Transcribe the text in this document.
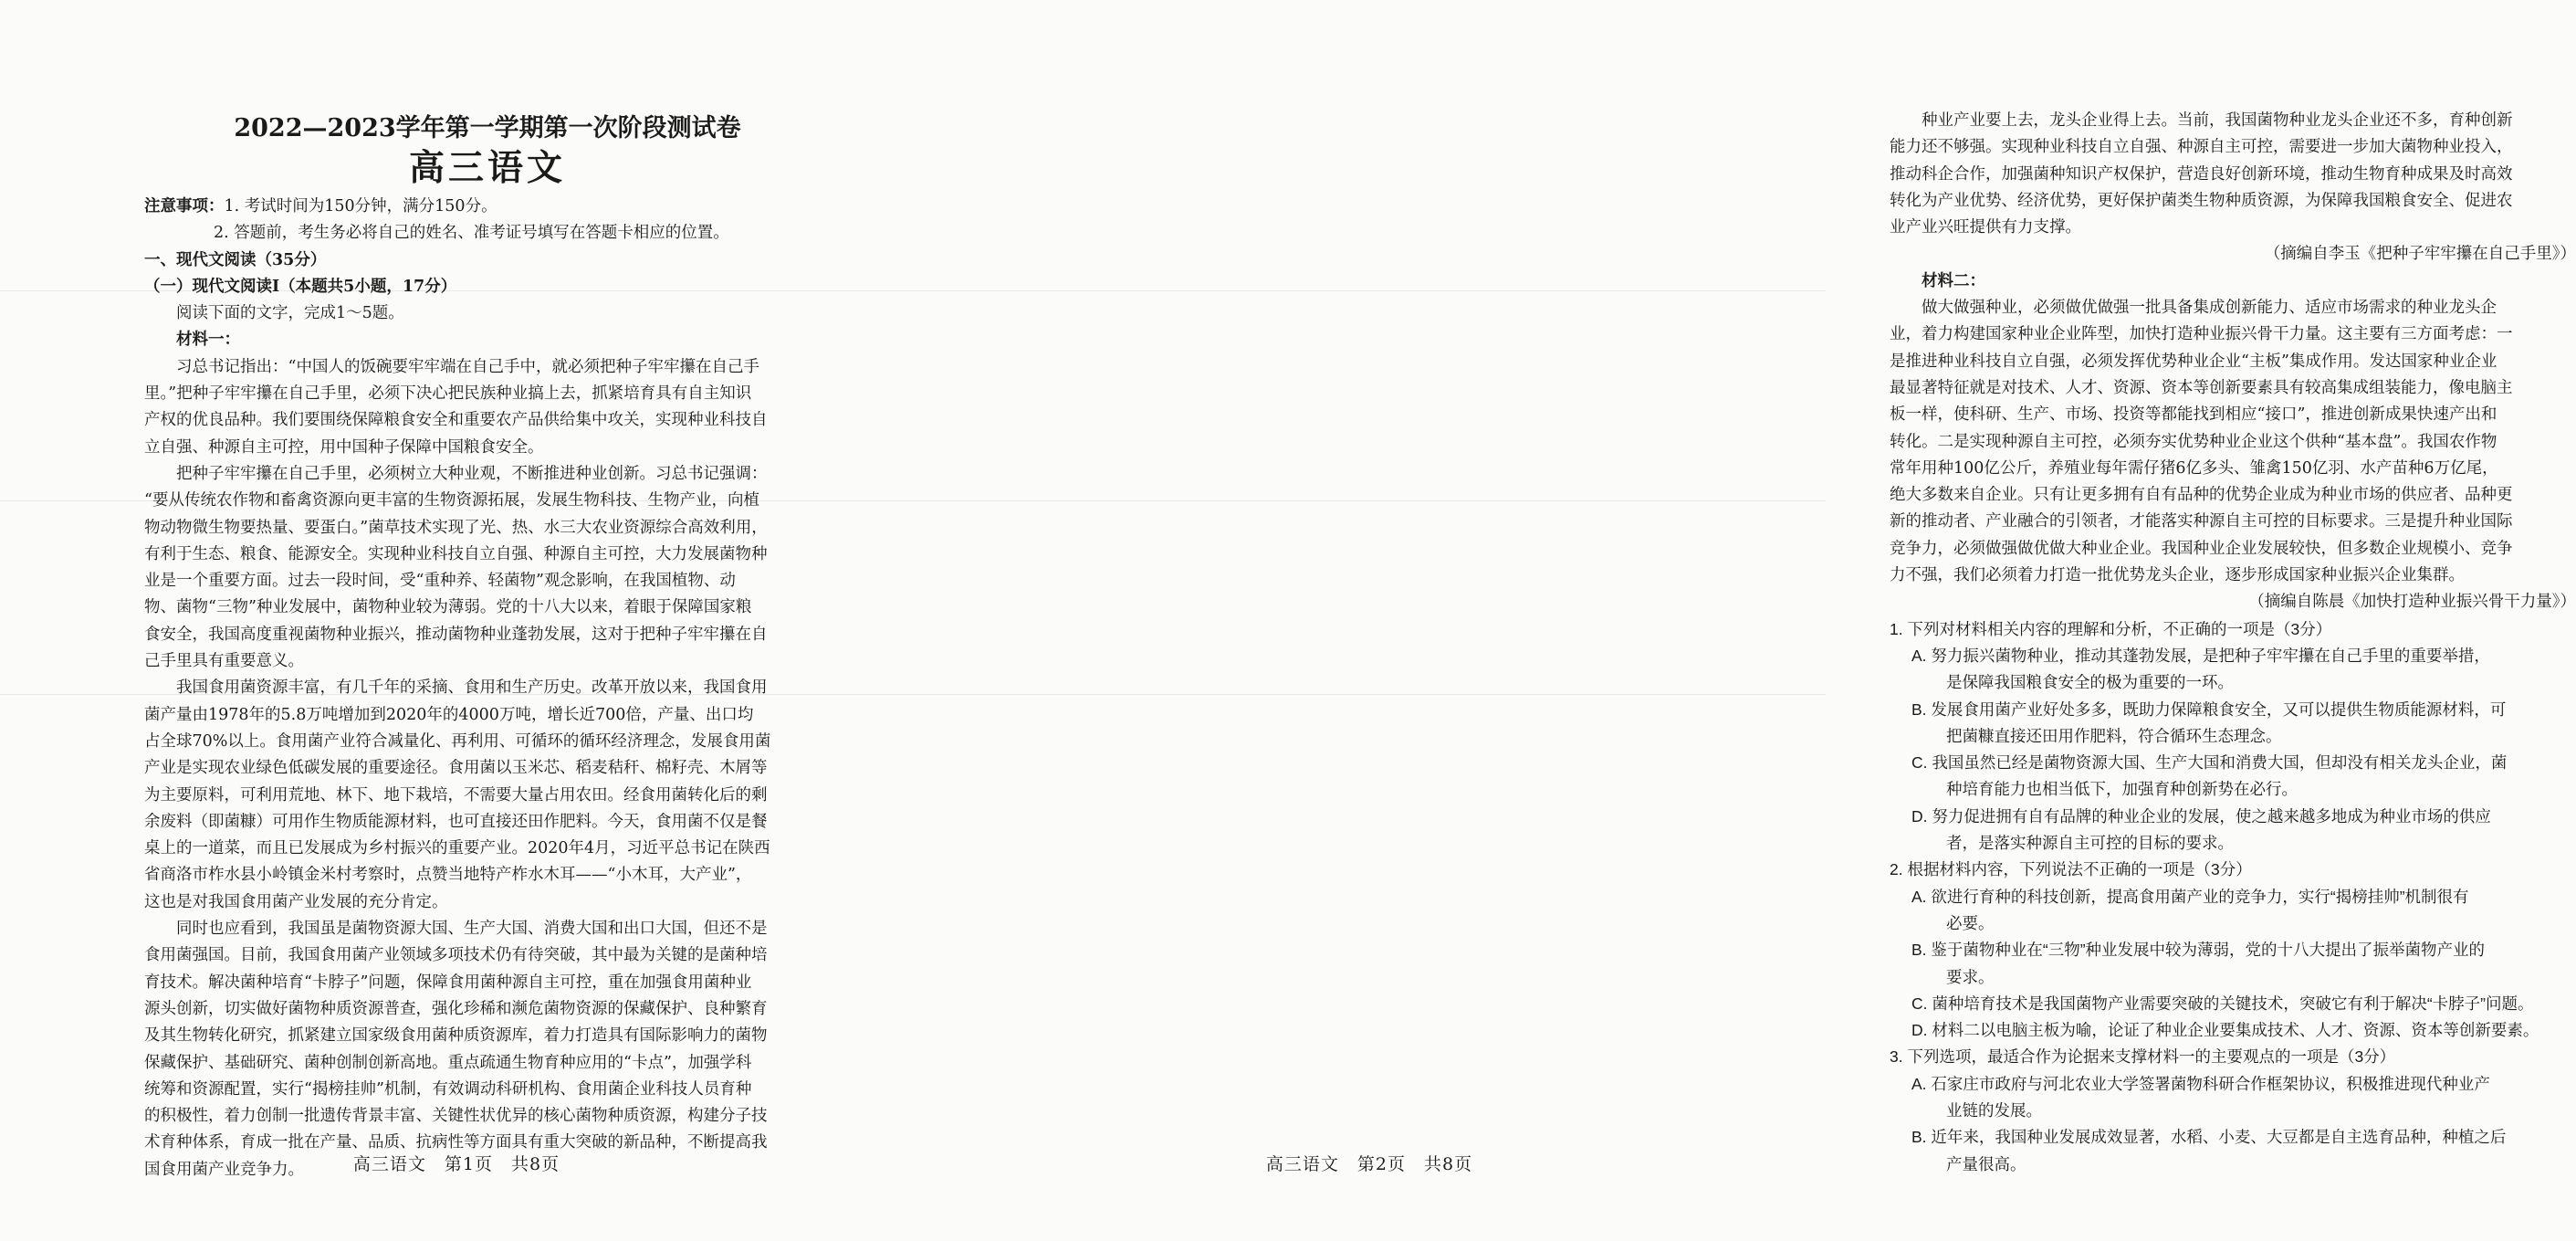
2022—2023学年第一学期第一次阶段测试卷

高三语文

注意事项：1. 考试时间为150分钟，满分150分。

2. 答题前，考生务必将自己的姓名、准考证号填写在答题卡相应的位置。

一、现代文阅读（35分）

（一）现代文阅读Ⅰ（本题共5小题，17分）

阅读下面的文字，完成1～5题。

材料一：

习总书记指出：“中国人的饭碗要牢牢端在自己手中，就必须把种子牢牢攥在自己手

里。”把种子牢牢攥在自己手里，必须下决心把民族种业搞上去，抓紧培育具有自主知识

产权的优良品种。我们要围绕保障粮食安全和重要农产品供给集中攻关，实现种业科技自

立自强、种源自主可控，用中国种子保障中国粮食安全。

把种子牢牢攥在自己手里，必须树立大种业观，不断推进种业创新。习总书记强调：

“要从传统农作物和畜禽资源向更丰富的生物资源拓展，发展生物科技、生物产业，向植

物动物微生物要热量、要蛋白。”菌草技术实现了光、热、水三大农业资源综合高效利用，

有利于生态、粮食、能源安全。实现种业科技自立自强、种源自主可控，大力发展菌物种

业是一个重要方面。过去一段时间，受“重种养、轻菌物”观念影响，在我国植物、动

物、菌物“三物”种业发展中，菌物种业较为薄弱。党的十八大以来，着眼于保障国家粮

食安全，我国高度重视菌物种业振兴，推动菌物种业蓬勃发展，这对于把种子牢牢攥在自

己手里具有重要意义。

我国食用菌资源丰富，有几千年的采摘、食用和生产历史。改革开放以来，我国食用

菌产量由1978年的5.8万吨增加到2020年的4000万吨，增长近700倍，产量、出口均

占全球70%以上。食用菌产业符合减量化、再利用、可循环的循环经济理念，发展食用菌

产业是实现农业绿色低碳发展的重要途径。食用菌以玉米芯、稻麦秸秆、棉籽壳、木屑等

为主要原料，可利用荒地、林下、地下栽培，不需要大量占用农田。经食用菌转化后的剩

余废料（即菌糠）可用作生物质能源材料，也可直接还田作肥料。今天，食用菌不仅是餐

桌上的一道菜，而且已发展成为乡村振兴的重要产业。2020年4月，习近平总书记在陕西

省商洛市柞水县小岭镇金米村考察时，点赞当地特产柞水木耳——“小木耳，大产业”，

这也是对我国食用菌产业发展的充分肯定。

同时也应看到，我国虽是菌物资源大国、生产大国、消费大国和出口大国，但还不是

食用菌强国。目前，我国食用菌产业领域多项技术仍有待突破，其中最为关键的是菌种培

育技术。解决菌种培育“卡脖子”问题，保障食用菌种源自主可控，重在加强食用菌种业

源头创新，切实做好菌物种质资源普查，强化珍稀和濒危菌物资源的保藏保护、良种繁育

及其生物转化研究，抓紧建立国家级食用菌种质资源库，着力打造具有国际影响力的菌物

保藏保护、基础研究、菌种创制创新高地。重点疏通生物育种应用的“卡点”，加强学科

统筹和资源配置，实行“揭榜挂帅”机制，有效调动科研机构、食用菌企业科技人员育种

的积极性，着力创制一批遗传背景丰富、关键性状优异的核心菌物种质资源，构建分子技

术育种体系，育成一批在产量、品质、抗病性等方面具有重大突破的新品种，不断提高我

国食用菌产业竞争力。	高三语文　第1页　共8页

种业产业要上去，龙头企业得上去。当前，我国菌物种业龙头企业还不多，育种创新

能力还不够强。实现种业科技自立自强、种源自主可控，需要进一步加大菌物种业投入，

推动科企合作，加强菌种知识产权保护，营造良好创新环境，推动生物育种成果及时高效

转化为产业优势、经济优势，更好保护菌类生物种质资源，为保障我国粮食安全、促进农

业产业兴旺提供有力支撑。

（摘编自李玉《把种子牢牢攥在自己手里》）

材料二：

做大做强种业，必须做优做强一批具备集成创新能力、适应市场需求的种业龙头企

业，着力构建国家种业企业阵型，加快打造种业振兴骨干力量。这主要有三方面考虑：一

是推进种业科技自立自强，必须发挥优势种业企业“主板”集成作用。发达国家种业企业

最显著特征就是对技术、人才、资源、资本等创新要素具有较高集成组装能力，像电脑主

板一样，使科研、生产、市场、投资等都能找到相应“接口”，推进创新成果快速产出和

转化。二是实现种源自主可控，必须夯实优势种业企业这个供种“基本盘”。我国农作物

常年用种100亿公斤，养殖业每年需仔猪6亿多头、雏禽150亿羽、水产苗种6万亿尾，

绝大多数来自企业。只有让更多拥有自有品种的优势企业成为种业市场的供应者、品种更

新的推动者、产业融合的引领者，才能落实种源自主可控的目标要求。三是提升种业国际

竞争力，必须做强做优做大种业企业。我国种业企业发展较快，但多数企业规模小、竞争

力不强，我们必须着力打造一批优势龙头企业，逐步形成国家种业振兴企业集群。

（摘编自陈晨《加快打造种业振兴骨干力量》）

1. 下列对材料相关内容的理解和分析，不正确的一项是（3分）

A. 努力振兴菌物种业，推动其蓬勃发展，是把种子牢牢攥在自己手里的重要举措，

是保障我国粮食安全的极为重要的一环。

B. 发展食用菌产业好处多多，既助力保障粮食安全，又可以提供生物质能源材料，可

把菌糠直接还田用作肥料，符合循环生态理念。

C. 我国虽然已经是菌物资源大国、生产大国和消费大国，但却没有相关龙头企业，菌

种培育能力也相当低下，加强育种创新势在必行。

D. 努力促进拥有自有品牌的种业企业的发展，使之越来越多地成为种业市场的供应

者，是落实种源自主可控的目标的要求。

2. 根据材料内容，下列说法不正确的一项是（3分）

A. 欲进行育种的科技创新，提高食用菌产业的竞争力，实行“揭榜挂帅”机制很有

必要。

B. 鉴于菌物种业在“三物”种业发展中较为薄弱，党的十八大提出了振举菌物产业的

要求。

C. 菌种培育技术是我国菌物产业需要突破的关键技术，突破它有利于解决“卡脖子”问题。

D. 材料二以电脑主板为喻，论证了种业企业要集成技术、人才、资源、资本等创新要素。

3. 下列选项，最适合作为论据来支撑材料一的主要观点的一项是（3分）

A. 石家庄市政府与河北农业大学签署菌物科研合作框架协议，积极推进现代种业产

业链的发展。

B. 近年来，我国种业发展成效显著，水稻、小麦、大豆都是自主选育品种，种植之后

产量很高。

高三语文　第2页　共8页
